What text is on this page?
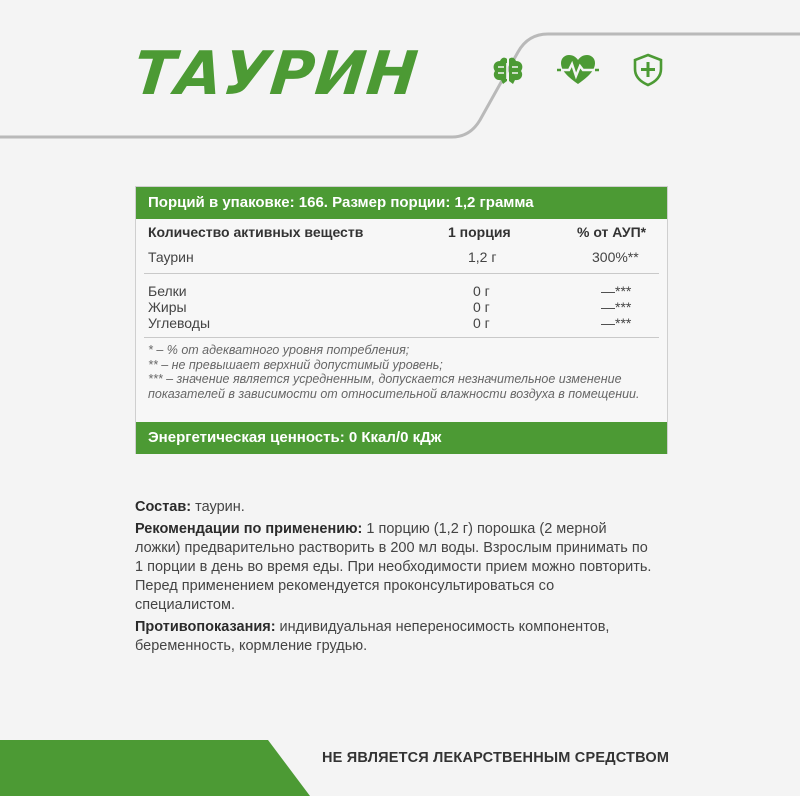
ТАУРИН
Порций в упаковке: 166. Размер порции: 1,2 грамма
Количество активных веществ	1 порция	% от АУП*
Таурин	1,2 г	300%**
Белки	0 г	—***
Жиры	0 г	—***
Углеводы	0 г	—***
* – % от адекватного уровня потребления;
** – не превышает верхний допустимый уровень;
*** – значение является усредненным, допускается незначительное изменение показателей в зависимости от относительной влажности воздуха в помещении.
Энергетическая ценность: 0 Ккал/0 кДж

Состав: таурин.

Рекомендации по применению: 1 порцию (1,2 г) порошка (2 мерной ложки) предварительно растворить в 200 мл воды. Взрослым принимать по 1 порции в день во время еды. При необходимости прием можно повторить. Перед применением рекомендуется проконсультироваться со специалистом.

Противопоказания: индивидуальная непереносимость компонентов, беременность, кормление грудью.

НЕ ЯВЛЯЕТСЯ ЛЕКАРСТВЕННЫМ СРЕДСТВОМ
